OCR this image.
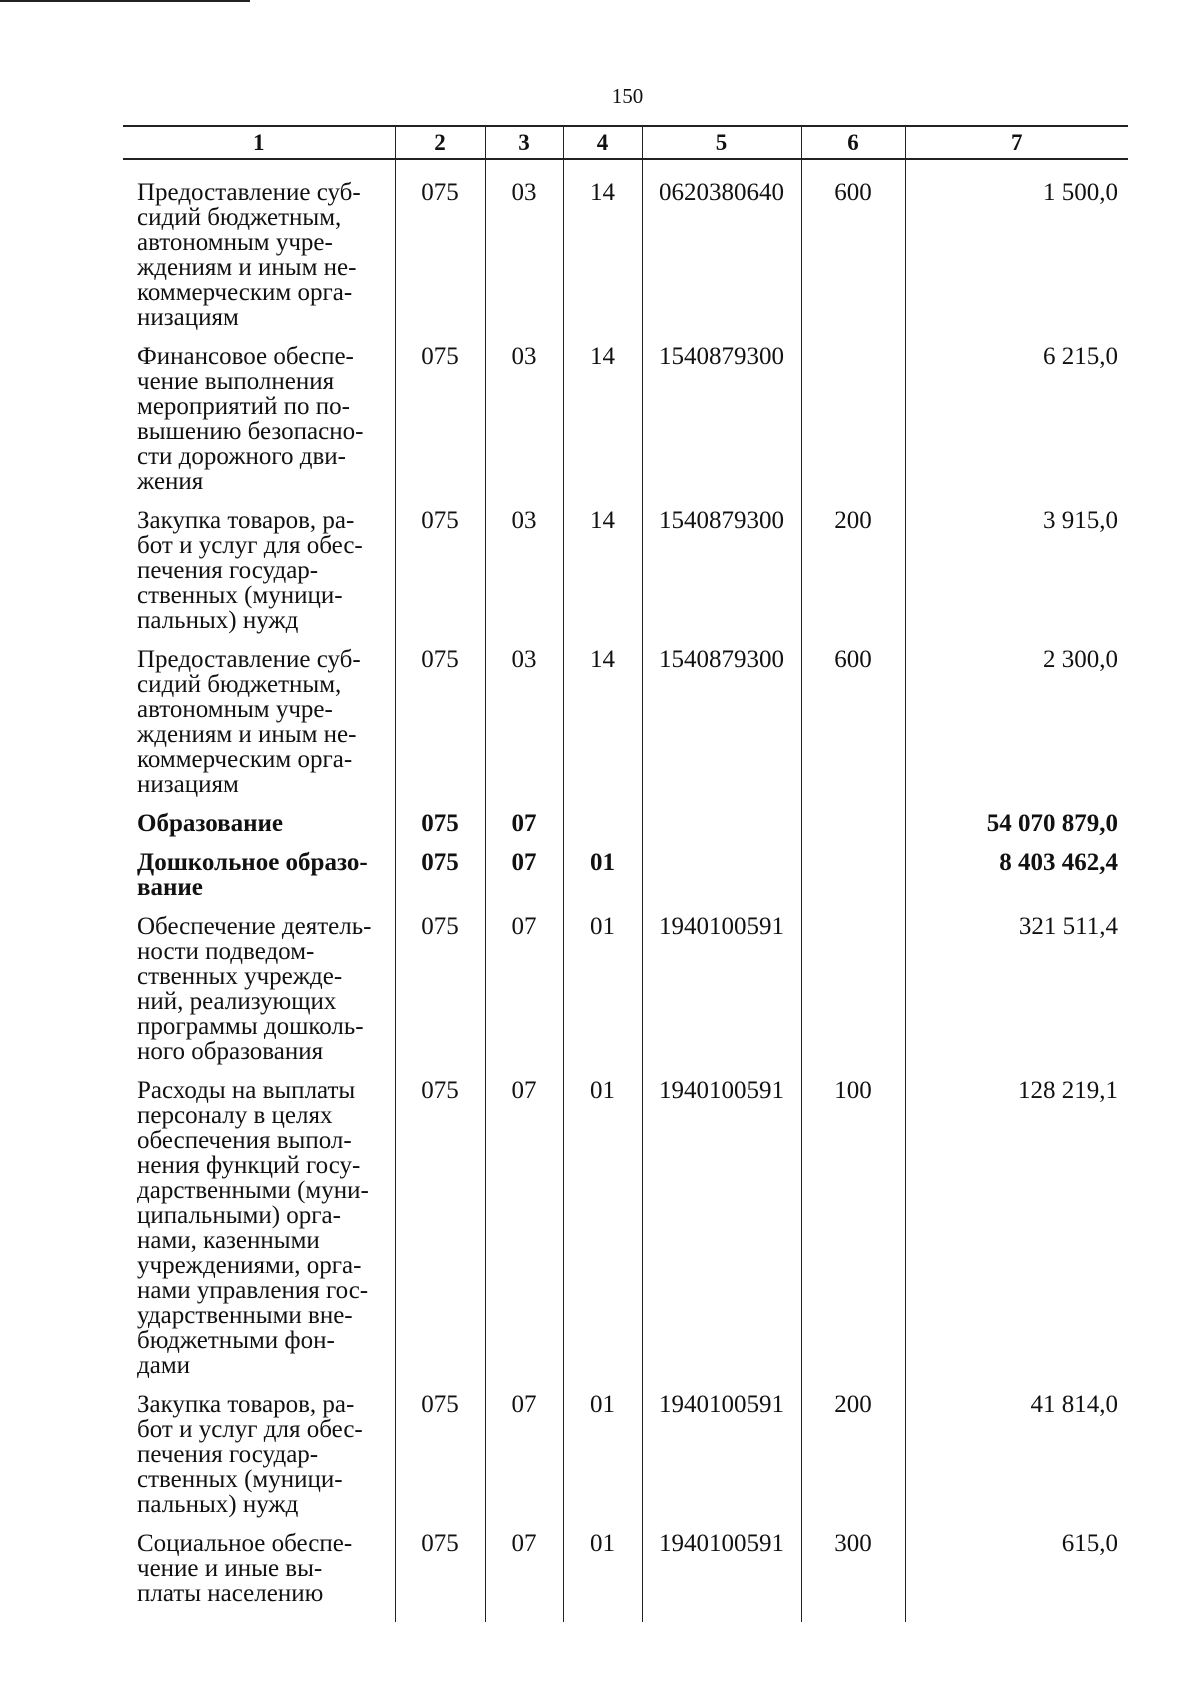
150
1	2	3	4	5	6	7

Предоставление суб-сидий бюджетным, автономным учре-ждениям и иным не-коммерческим орга-низациям	075	03	14	0620380640	600	1 500,0
Финансовое обеспе-чение выполнения мероприятий по по-вышению безопасно-сти дорожного дви-жения	075	03	14	1540879300		6 215,0
Закупка товаров, ра-бот и услуг для обес-печения государ-ственных (муници-пальных) нужд	075	03	14	1540879300	200	3 915,0
Предоставление суб-сидий бюджетным, автономным учре-ждениям и иным не-коммерческим орга-низациям	075	03	14	1540879300	600	2 300,0
Образование	075	07				54 070 879,0
Дошкольное образо-вание	075	07	01			8 403 462,4
Обеспечение деятель-ности подведом-ственных учрежде-ний, реализующих программы дошколь-ного образования	075	07	01	1940100591		321 511,4
Расходы на выплаты персоналу в целях обеспечения выпол-нения функций госу-дарственными (муни-ципальными) орга-нами, казенными учреждениями, орга-нами управления гос-ударственными вне-бюджетными фон-дами	075	07	01	1940100591	100	128 219,1
Закупка товаров, ра-бот и услуг для обес-печения государ-ственных (муници-пальных) нужд	075	07	01	1940100591	200	41 814,0
Социальное обеспе-чение и иные вы-платы населению	075	07	01	1940100591	300	615,0
